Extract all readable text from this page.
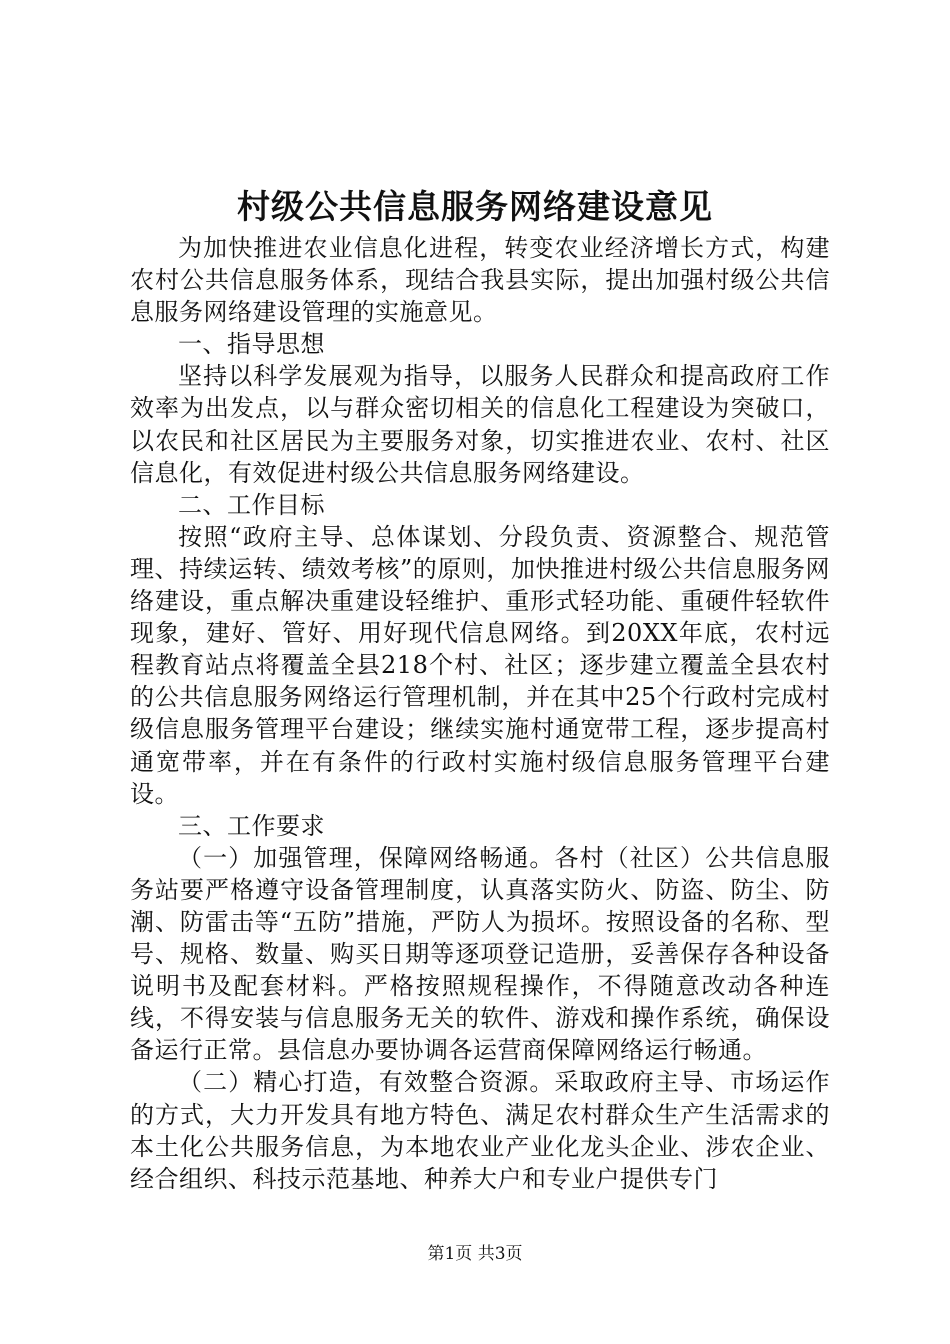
村级公共信息服务网络建设意见

为加快推进农业信息化进程，转变农业经济增长方式，构建农村公共信息服务体系，现结合我县实际，提出加强村级公共信息服务网络建设管理的实施意见。

一、指导思想

坚持以科学发展观为指导，以服务人民群众和提高政府工作效率为出发点，以与群众密切相关的信息化工程建设为突破口，以农民和社区居民为主要服务对象，切实推进农业、农村、社区信息化，有效促进村级公共信息服务网络建设。

二、工作目标

按照“政府主导、总体谋划、分段负责、资源整合、规范管理、持续运转、绩效考核”的原则，加快推进村级公共信息服务网络建设，重点解决重建设轻维护、重形式轻功能、重硬件轻软件现象，建好、管好、用好现代信息网络。到20XX年底，农村远程教育站点将覆盖全县218个村、社区；逐步建立覆盖全县农村的公共信息服务网络运行管理机制，并在其中25个行政村完成村级信息服务管理平台建设；继续实施村通宽带工程，逐步提高村通宽带率，并在有条件的行政村实施村级信息服务管理平台建设。

三、工作要求

（一）加强管理，保障网络畅通。各村（社区）公共信息服务站要严格遵守设备管理制度，认真落实防火、防盗、防尘、防潮、防雷击等“五防”措施，严防人为损坏。按照设备的名称、型号、规格、数量、购买日期等逐项登记造册，妥善保存各种设备说明书及配套材料。严格按照规程操作，不得随意改动各种连线，不得安装与信息服务无关的软件、游戏和操作系统，确保设备运行正常。县信息办要协调各运营商保障网络运行畅通。

（二）精心打造，有效整合资源。采取政府主导、市场运作的方式，大力开发具有地方特色、满足农村群众生产生活需求的本土化公共服务信息，为本地农业产业化龙头企业、涉农企业、经合组织、科技示范基地、种养大户和专业户提供专门

第1页 共3页
